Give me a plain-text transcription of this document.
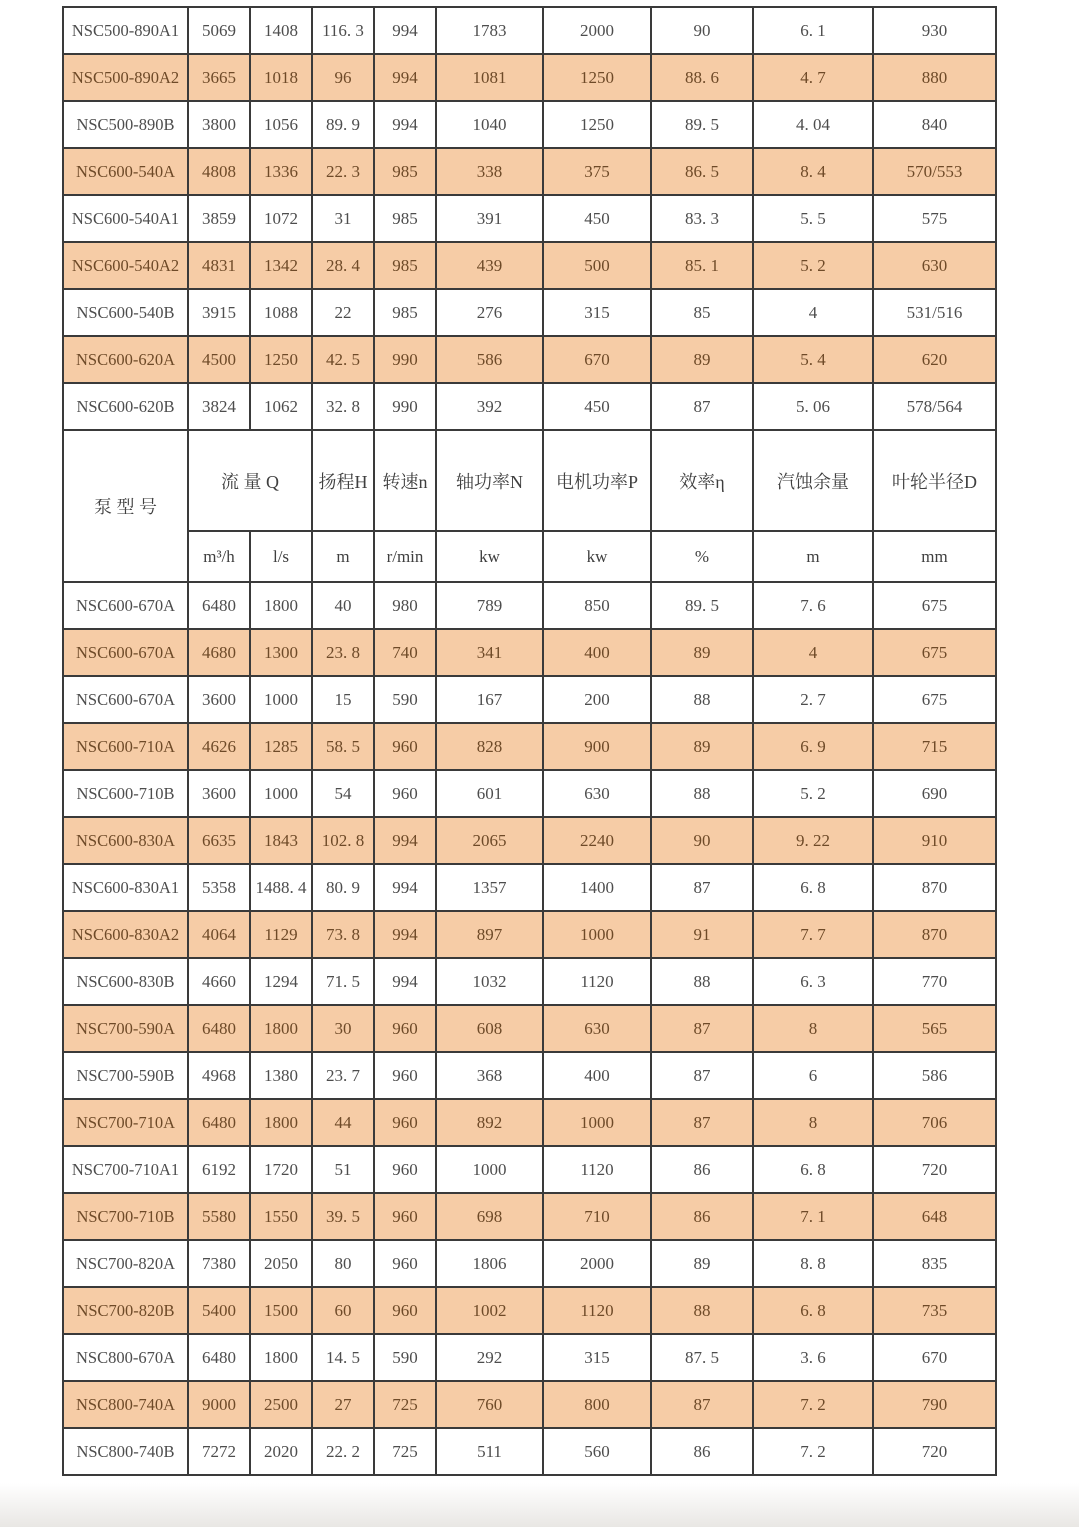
NSC500-890A1	5069	1408	116. 3	994	1783	2000	90	6. 1	930
NSC500-890A2	3665	1018	96	994	1081	1250	88. 6	4. 7	880
NSC500-890B	3800	1056	89. 9	994	1040	1250	89. 5	4. 04	840
NSC600-540A	4808	1336	22. 3	985	338	375	86. 5	8. 4	570/553
NSC600-540A1	3859	1072	31	985	391	450	83. 3	5. 5	575
NSC600-540A2	4831	1342	28. 4	985	439	500	85. 1	5. 2	630
NSC600-540B	3915	1088	22	985	276	315	85	4	531/516
NSC600-620A	4500	1250	42. 5	990	586	670	89	5. 4	620
NSC600-620B	3824	1062	32. 8	990	392	450	87	5. 06	578/564
泵 型 号	流 量 Q		扬程H	转速n	轴功率N	电机功率P	效率η	汽蚀余量	叶轮半径D
	m³/h	l/s	m	r/min	kw	kw	%	m	mm
NSC600-670A	6480	1800	40	980	789	850	89. 5	7. 6	675
NSC600-670A	4680	1300	23. 8	740	341	400	89	4	675
NSC600-670A	3600	1000	15	590	167	200	88	2. 7	675
NSC600-710A	4626	1285	58. 5	960	828	900	89	6. 9	715
NSC600-710B	3600	1000	54	960	601	630	88	5. 2	690
NSC600-830A	6635	1843	102. 8	994	2065	2240	90	9. 22	910
NSC600-830A1	5358	1488. 4	80. 9	994	1357	1400	87	6. 8	870
NSC600-830A2	4064	1129	73. 8	994	897	1000	91	7. 7	870
NSC600-830B	4660	1294	71. 5	994	1032	1120	88	6. 3	770
NSC700-590A	6480	1800	30	960	608	630	87	8	565
NSC700-590B	4968	1380	23. 7	960	368	400	87	6	586
NSC700-710A	6480	1800	44	960	892	1000	87	8	706
NSC700-710A1	6192	1720	51	960	1000	1120	86	6. 8	720
NSC700-710B	5580	1550	39. 5	960	698	710	86	7. 1	648
NSC700-820A	7380	2050	80	960	1806	2000	89	8. 8	835
NSC700-820B	5400	1500	60	960	1002	1120	88	6. 8	735
NSC800-670A	6480	1800	14. 5	590	292	315	87. 5	3. 6	670
NSC800-740A	9000	2500	27	725	760	800	87	7. 2	790
NSC800-740B	7272	2020	22. 2	725	511	560	86	7. 2	720
